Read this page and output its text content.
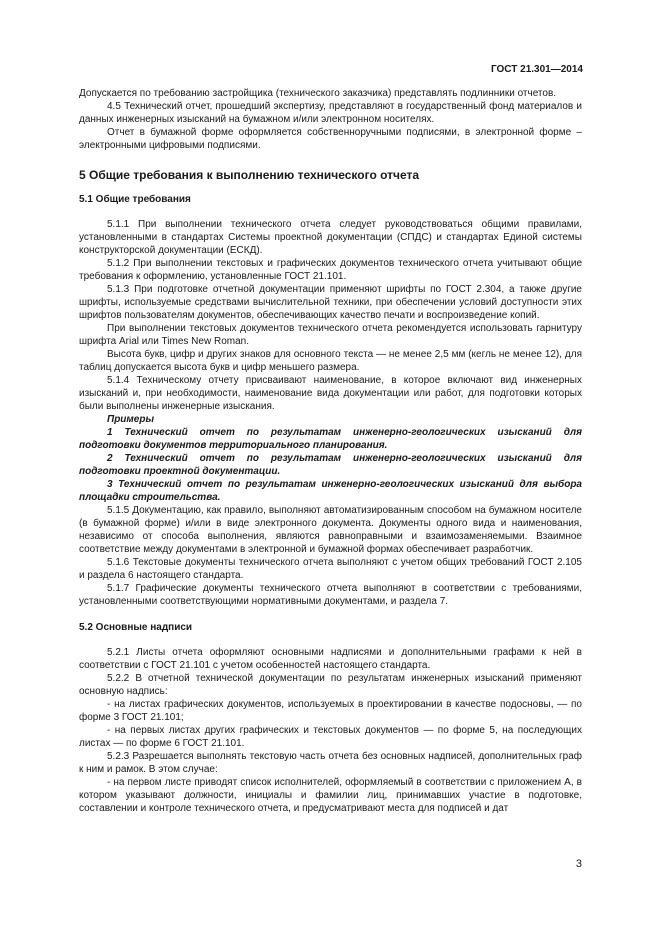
ГОСТ 21.301—2014

Допускается по требованию застройщика (технического заказчика) представлять подлинники отчетов.

4.5 Технический отчет, прошедший экспертизу, представляют в государственный фонд материалов и данных инженерных изысканий на бумажном и/или электронном носителях.

Отчет в бумажной форме оформляется собственноручными подписями, в электронной форме – электронными цифровыми подписями.

5 Общие требования к выполнению технического отчета
5.1 Общие требования

5.1.1 При выполнении технического отчета следует руководствоваться общими правилами, установленными в стандартах Системы проектной документации (СПДС) и стандартах Единой системы конструкторской документации (ЕСКД).

5.1.2 При выполнении текстовых и графических документов технического отчета учитывают общие требования к оформлению, установленные ГОСТ 21.101.

5.1.3 При подготовке отчетной документации применяют шрифты по ГОСТ 2.304, а также другие шрифты, используемые средствами вычислительной техники, при обеспечении условий доступности этих шрифтов пользователям документов, обеспечивающих качество печати и воспроизведение копий.

При выполнении текстовых документов технического отчета рекомендуется использовать гарнитуру шрифта Arial или Times New Roman.

Высота букв, цифр и других знаков для основного текста — не менее 2,5 мм (кегль не менее 12), для таблиц допускается высота букв и цифр меньшего размера.

5.1.4 Техническому отчету присваивают наименование, в которое включают вид инженерных изысканий и, при необходимости, наименование вида документации или работ, для подготовки которых были выполнены инженерные изыскания.

Примеры

1 Технический отчет по результатам инженерно-геологических изысканий для подготовки документов территориального планирования.

2 Технический отчет по результатам инженерно-геологических изысканий для подготовки проектной документации.

3 Технический отчет по результатам инженерно-геологических изысканий для выбора площадки строительства.

5.1.5 Документацию, как правило, выполняют автоматизированным способом на бумажном носителе (в бумажной форме) и/или в виде электронного документа. Документы одного вида и наименования, независимо от способа выполнения, являются равноправными и взаимозаменяемыми. Взаимное соответствие между документами в электронной и бумажной формах обеспечивает разработчик.

5.1.6 Текстовые документы технического отчета выполняют с учетом общих требований ГОСТ 2.105 и раздела 6 настоящего стандарта.

5.1.7 Графические документы технического отчета выполняют в соответствии с требованиями, установленными соответствующими нормативными документами, и раздела 7.

5.2 Основные надписи

5.2.1 Листы отчета оформляют основными надписями и дополнительными графами к ней в соответствии с ГОСТ 21.101 с учетом особенностей настоящего стандарта.

5.2.2 В отчетной технической документации по результатам инженерных изысканий применяют основную надпись:

- на листах графических документов, используемых в проектировании в качестве подосновы, — по форме 3 ГОСТ 21.101;

- на первых листах других графических и текстовых документов — по форме 5, на последующих листах — по форме 6 ГОСТ 21.101.

5.2.3 Разрешается выполнять текстовую часть отчета без основных надписей, дополнительных граф к ним и рамок. В этом случае:

- на первом листе приводят список исполнителей, оформляемый в соответствии с приложением А, в котором указывают должности, инициалы и фамилии лиц, принимавших участие в подготовке, составлении и контроле технического отчета, и предусматривают места для подписей и дат

3
